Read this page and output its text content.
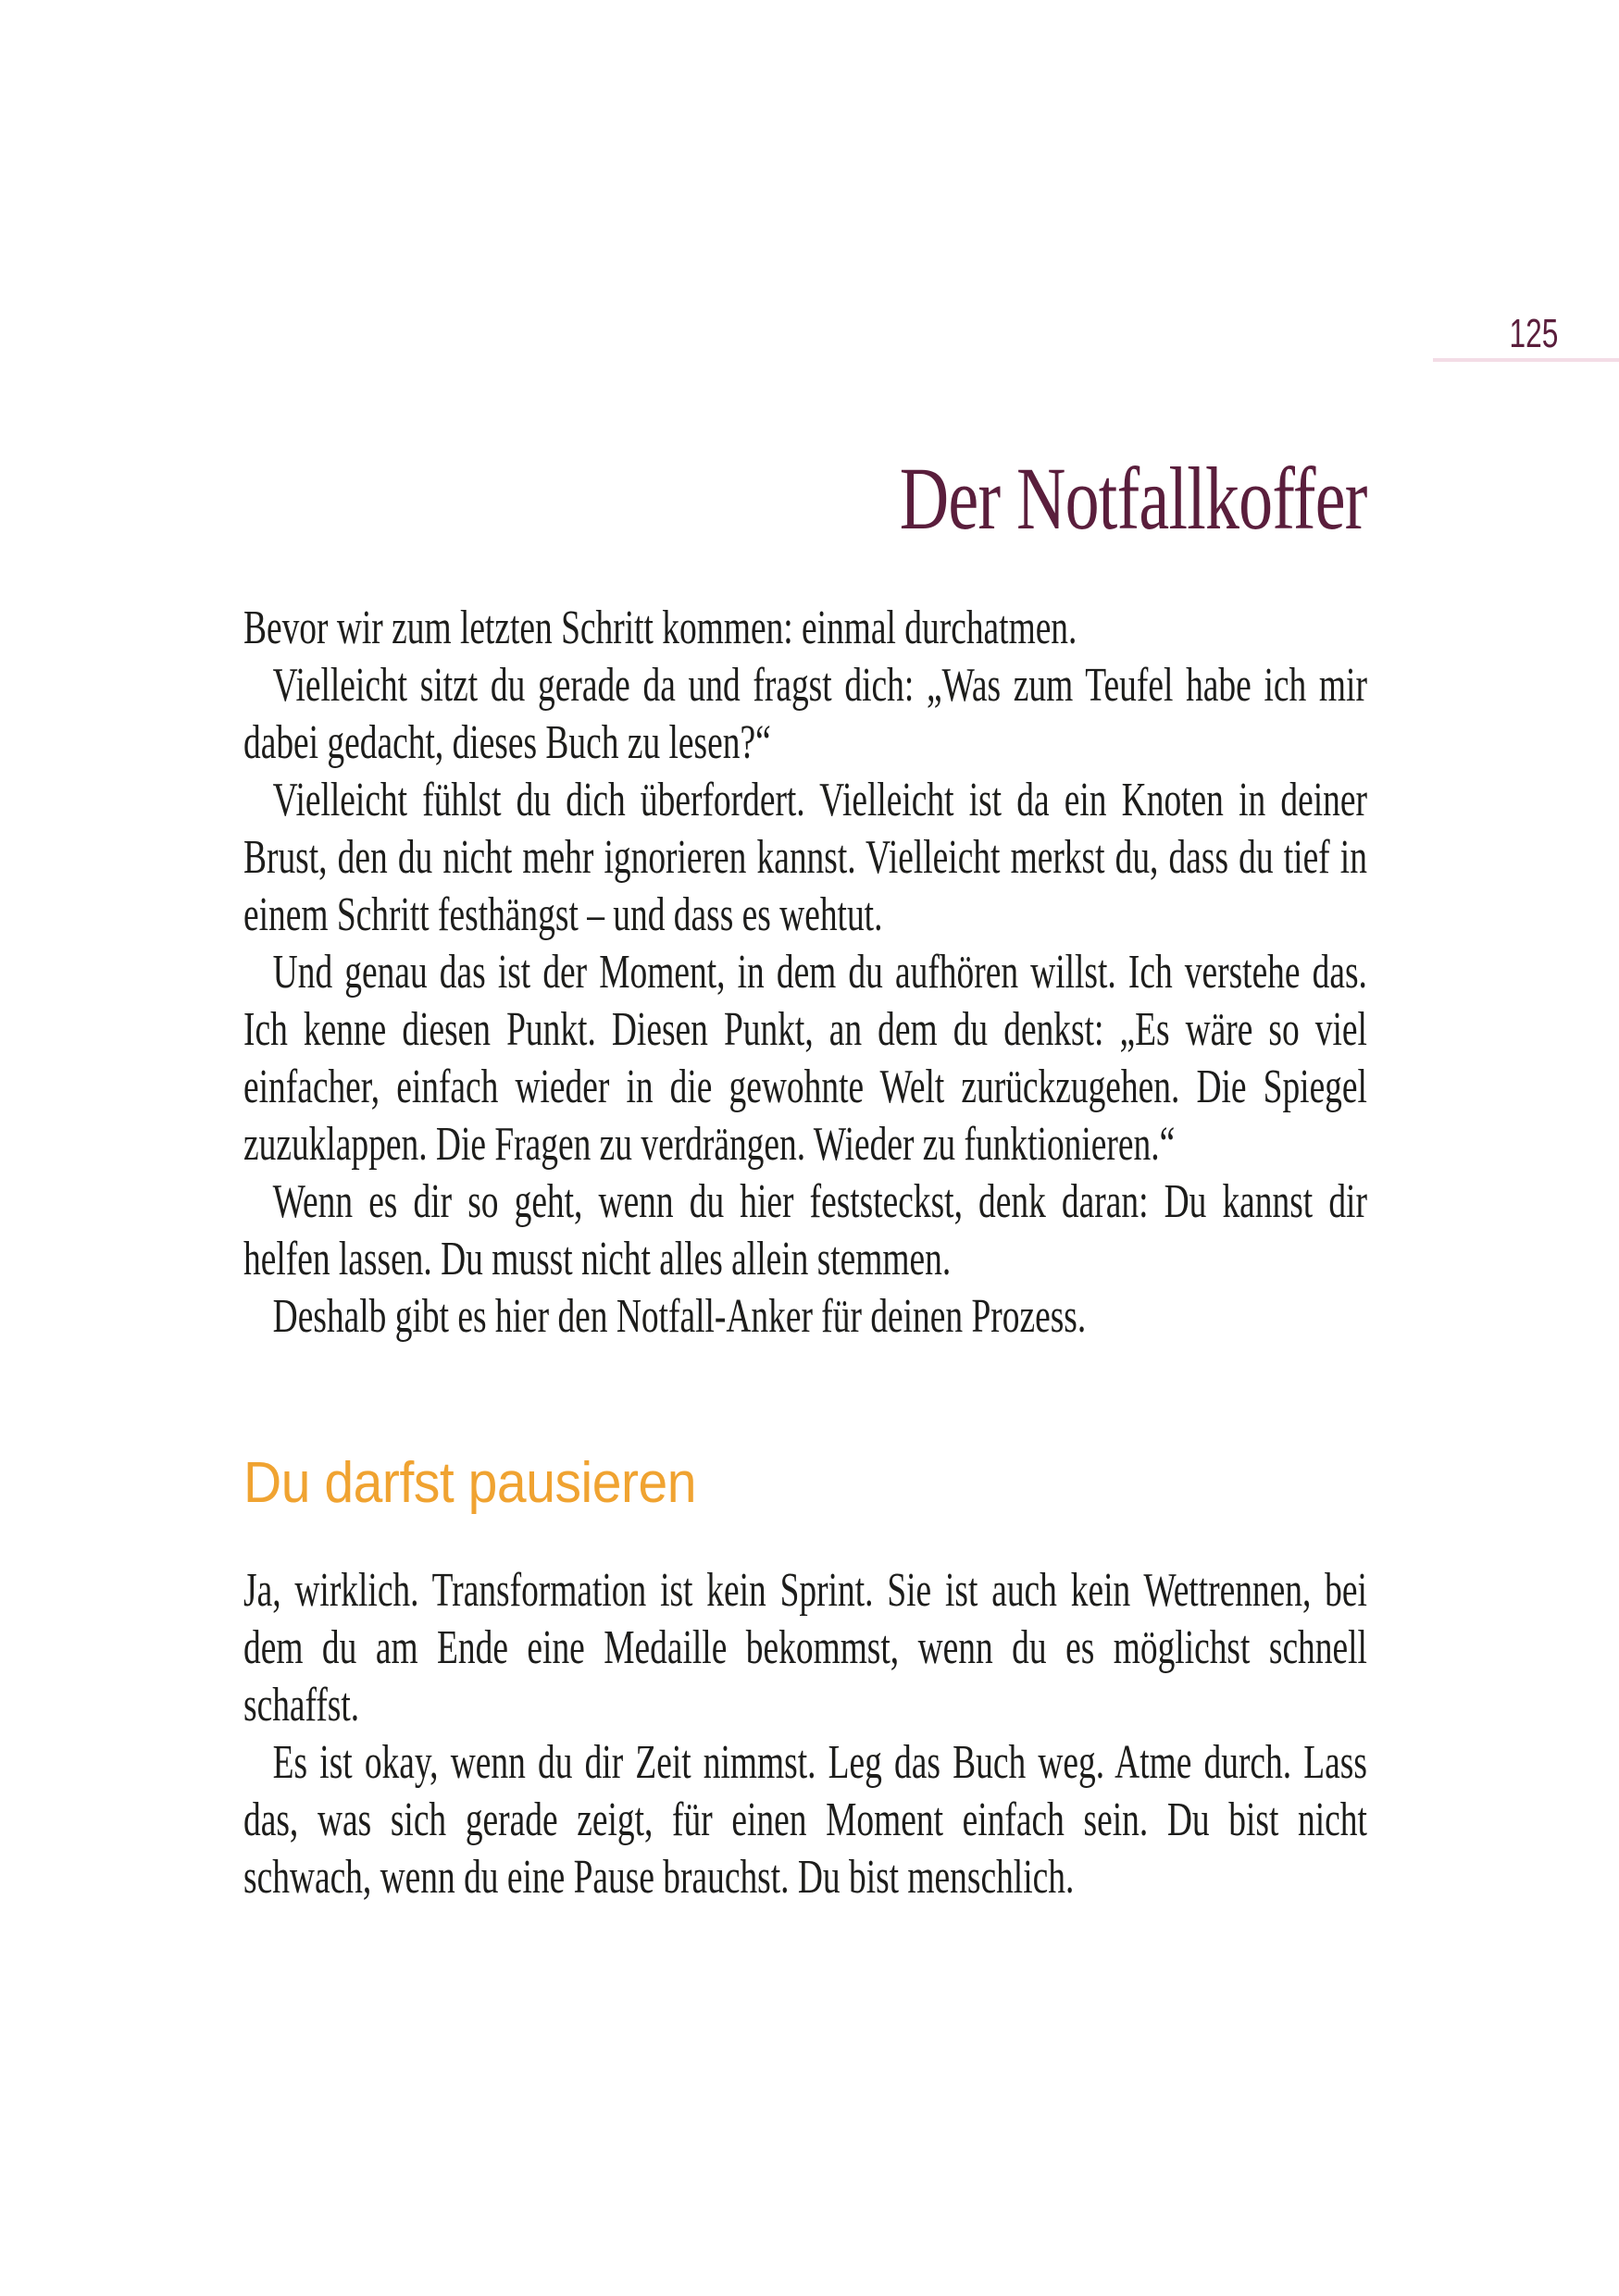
125
Der Notfallkoffer

Bevor wir zum letzten Schritt kommen: einmal durchatmen.

Vielleicht sitzt du gerade da und fragst dich: „Was zum Teufel habe ich mir dabei gedacht, dieses Buch zu lesen?“

Vielleicht fühlst du dich überfordert. Vielleicht ist da ein Knoten in deiner Brust, den du nicht mehr ignorieren kannst. Vielleicht merkst du, dass du tief in einem Schritt festhängst – und dass es wehtut.

Und genau das ist der Moment, in dem du aufhören willst. Ich verstehe das. Ich kenne diesen Punkt. Diesen Punkt, an dem du denkst: „Es wäre so viel einfacher, einfach wieder in die gewohnte Welt zurückzugehen. Die Spiegel zuzuklappen. Die Fragen zu verdrängen. Wieder zu funktionieren.“

Wenn es dir so geht, wenn du hier feststeckst, denk daran: Du kannst dir helfen lassen. Du musst nicht alles allein stemmen.

Deshalb gibt es hier den Notfall-Anker für deinen Prozess.

Du darfst pausieren

Ja, wirklich. Transformation ist kein Sprint. Sie ist auch kein Wettrennen, bei dem du am Ende eine Medaille bekommst, wenn du es möglichst schnell schaffst.

Es ist okay, wenn du dir Zeit nimmst. Leg das Buch weg. Atme durch. Lass das, was sich gerade zeigt, für einen Moment einfach sein. Du bist nicht schwach, wenn du eine Pause brauchst. Du bist menschlich.
